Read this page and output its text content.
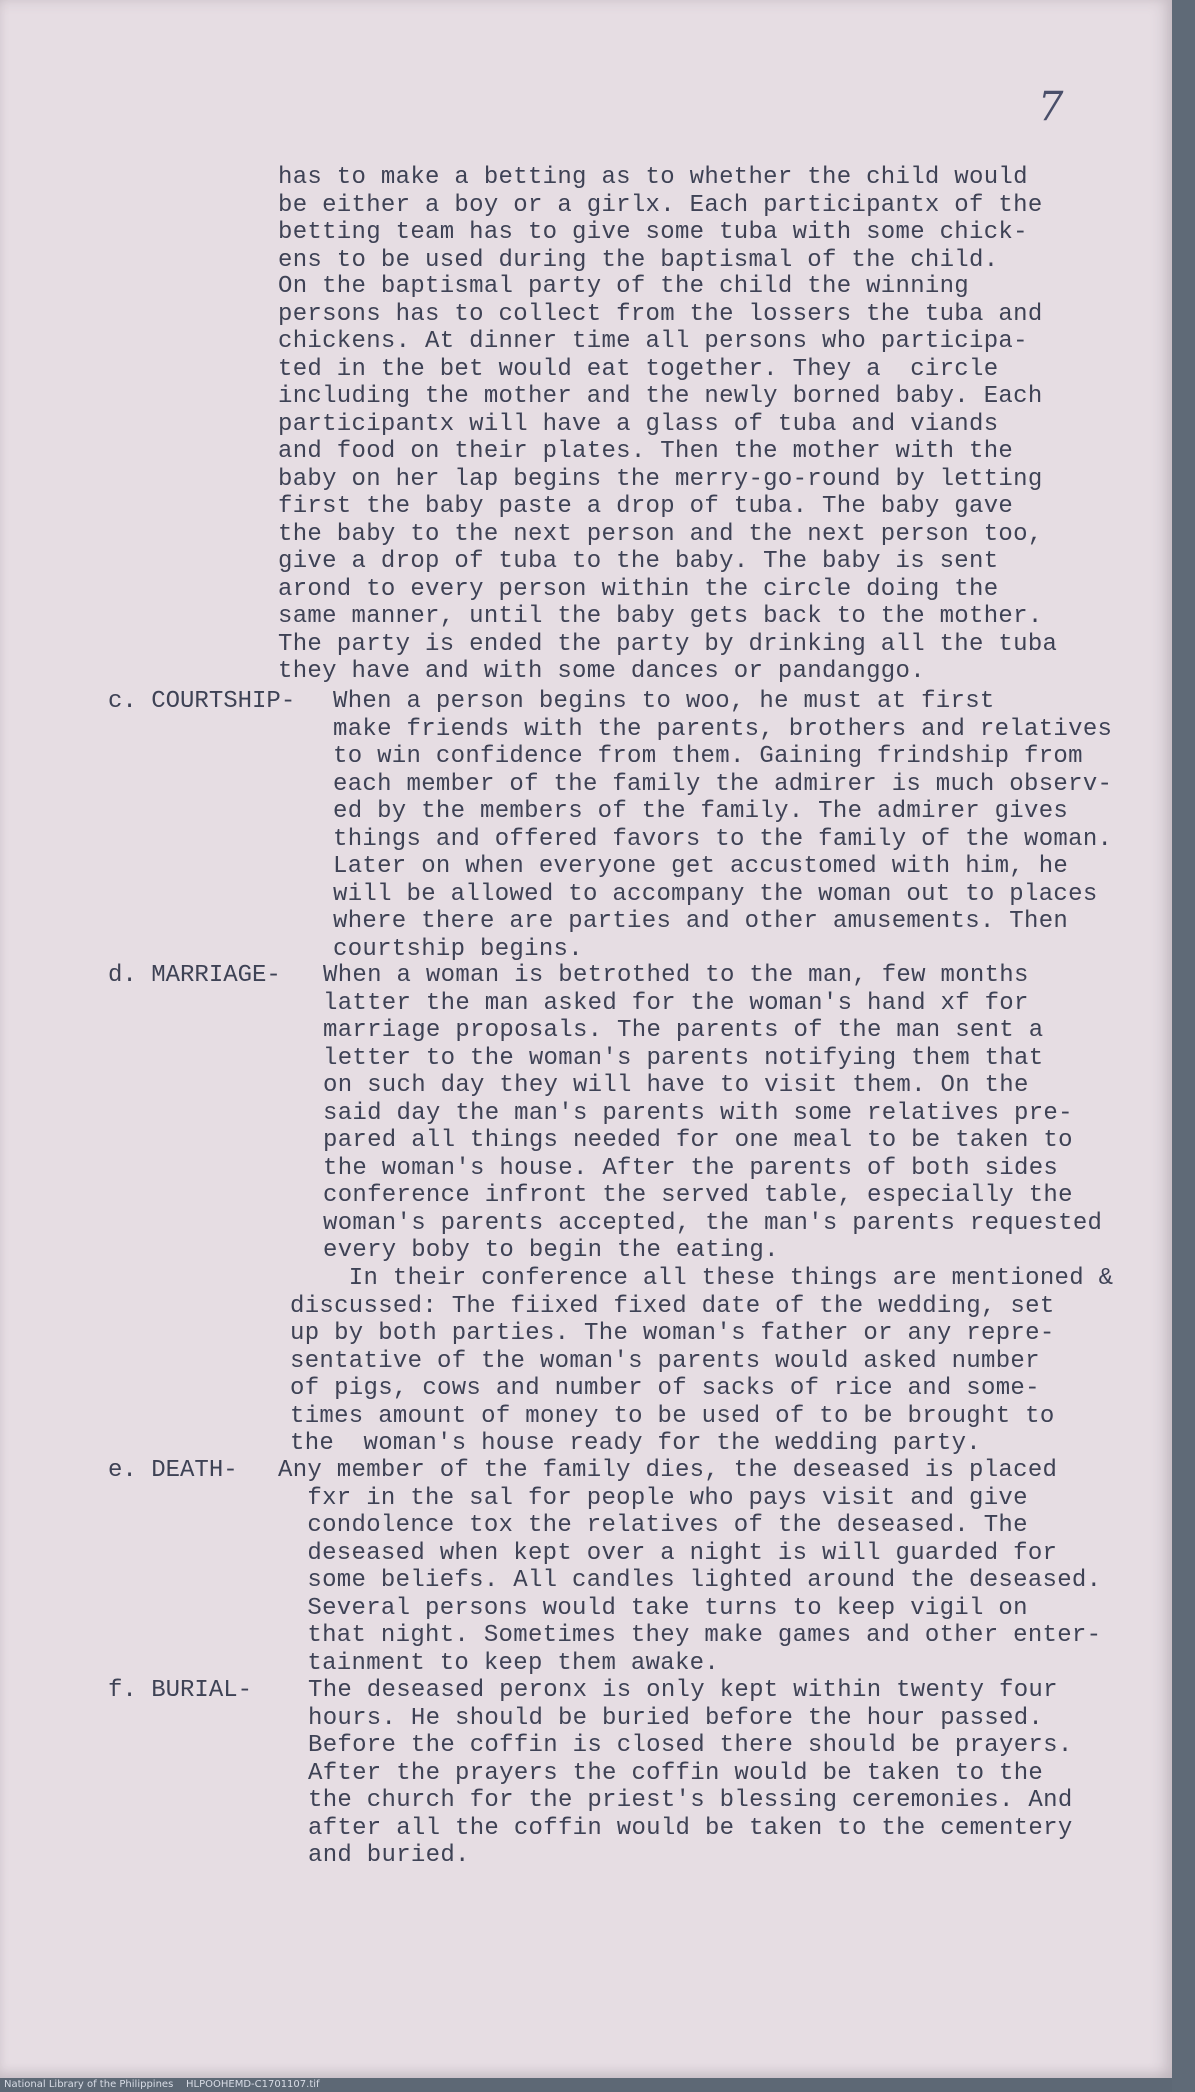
7
has to make a betting as to whether the child would
be either a boy or a girlx. Each participantx of the
betting team has to give some tuba with some chick-
ens to be used during the baptismal of the child.
On the baptismal party of the child the winning
persons has to collect from the lossers the tuba and
chickens. At dinner time all persons who participa-
ted in the bet would eat together. They a  circle
including the mother and the newly borned baby. Each
participantx will have a glass of tuba and viands
and food on their plates. Then the mother with the
baby on her lap begins the merry-go-round by letting
first the baby paste a drop of tuba. The baby gave
the baby to the next person and the next person too,
give a drop of tuba to the baby. The baby is sent
arond to every person within the circle doing the
same manner, until the baby gets back to the mother.
The party is ended the party by drinking all the tuba
they have and with some dances or pandanggo.
c. COURTSHIP- When a person begins to woo, he must at first
make friends with the parents, brothers and relatives
to win confidence from them. Gaining frindship from
each member of the family the admirer is much observ-
ed by the members of the family. The admirer gives
things and offered favors to the family of the woman.
Later on when everyone get accustomed with him, he
will be allowed to accompany the woman out to places
where there are parties and other amusements. Then
courtship begins.
d. MARRIAGE- When a woman is betrothed to the man, few months
latter the man asked for the woman's hand xf for
marriage proposals. The parents of the man sent a
letter to the woman's parents notifying them that
on such day they will have to visit them. On the
said day the man's parents with some relatives pre-
pared all things needed for one meal to be taken to
the woman's house. After the parents of both sides
conference infront the served table, especially the
woman's parents accepted, the man's parents requested
every boby to begin the eating.
In their conference all these things are mentioned &
discussed: The fiixed fixed date of the wedding, set
up by both parties. The woman's father or any repre-
sentative of the woman's parents would asked number
of pigs, cows and number of sacks of rice and some-
times amount of money to be used of to be brought to
the  woman's house ready for the wedding party.
e. DEATH- Any member of the family dies, the deseased is placed
fxr in the sal for people who pays visit and give
condolence tox the relatives of the deseased. The
deseased when kept over a night is will guarded for
some beliefs. All candles lighted around the deseased.
Several persons would take turns to keep vigil on
that night. Sometimes they make games and other enter-
tainment to keep them awake.
f. BURIAL- The deseased peronx is only kept within twenty four
hours. He should be buried before the hour passed.
Before the coffin is closed there should be prayers.
After the prayers the coffin would be taken to the
the church for the priest's blessing ceremonies. And
after all the coffin would be taken to the cementery
and buried.
National Library of the Philippines    HLPOOHEMD-C1701107.tif
